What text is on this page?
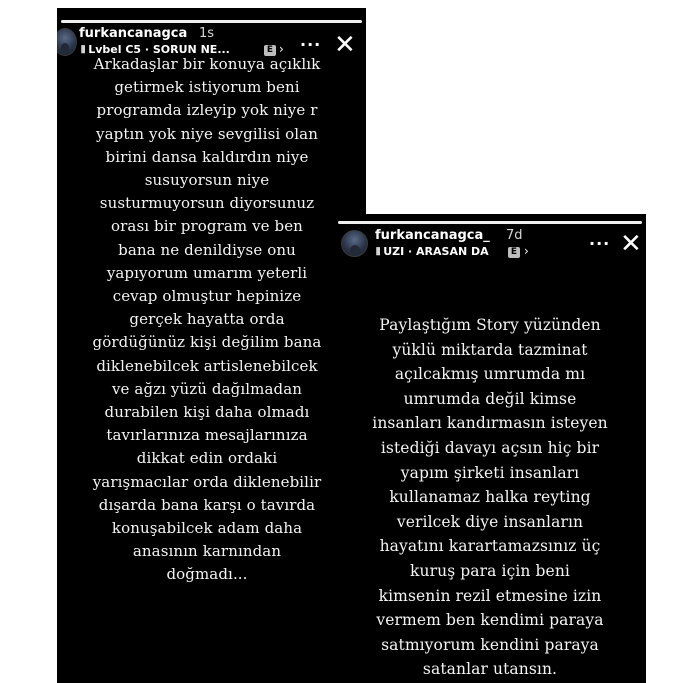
furkancanagca 1s
⫴ Lvbel C5 · SORUN NE...	E › ··· ✕
Arkadaşlar bir konuya açıklık
getirmek istiyorum beni
programda izleyip yok niye r
yaptın yok niye sevgilisi olan
birini dansa kaldırdın niye
susuyorsun niye
susturmuyorsun diyorsunuz
orası bir program ve ben
bana ne denildiyse onu
yapıyorum umarım yeterli
cevap olmuştur hepinize
gerçek hayatta orda
gördüğünüz kişi değilim bana
diklenebilcek artislenebilcek
ve ağzı yüzü dağılmadan
durabilen kişi daha olmadı
tavırlarınıza mesajlarınıza
dikkat edin ordaki
yarışmacılar orda diklenebilir
dışarda bana karşı o tavırda
konuşabilcek adam daha
anasının karnından
doğmadı...
furkancanagca_ 7d
⫴ UZI · ARASAN DA	E ›	··· ✕
Paylaştığım Story yüzünden
yüklü miktarda tazminat
açılcakmış umrumda mı
umrumda değil kimse
insanları kandırmasın isteyen
istediği davayı açsın hiç bir
yapım şirketi insanları
kullanamaz halka reyting
verilcek diye insanların
hayatını karartamazsınız üç
kuruş para için beni
kimsenin rezil etmesine izin
vermem ben kendimi paraya
satmıyorum kendini paraya
satanlar utansın.
